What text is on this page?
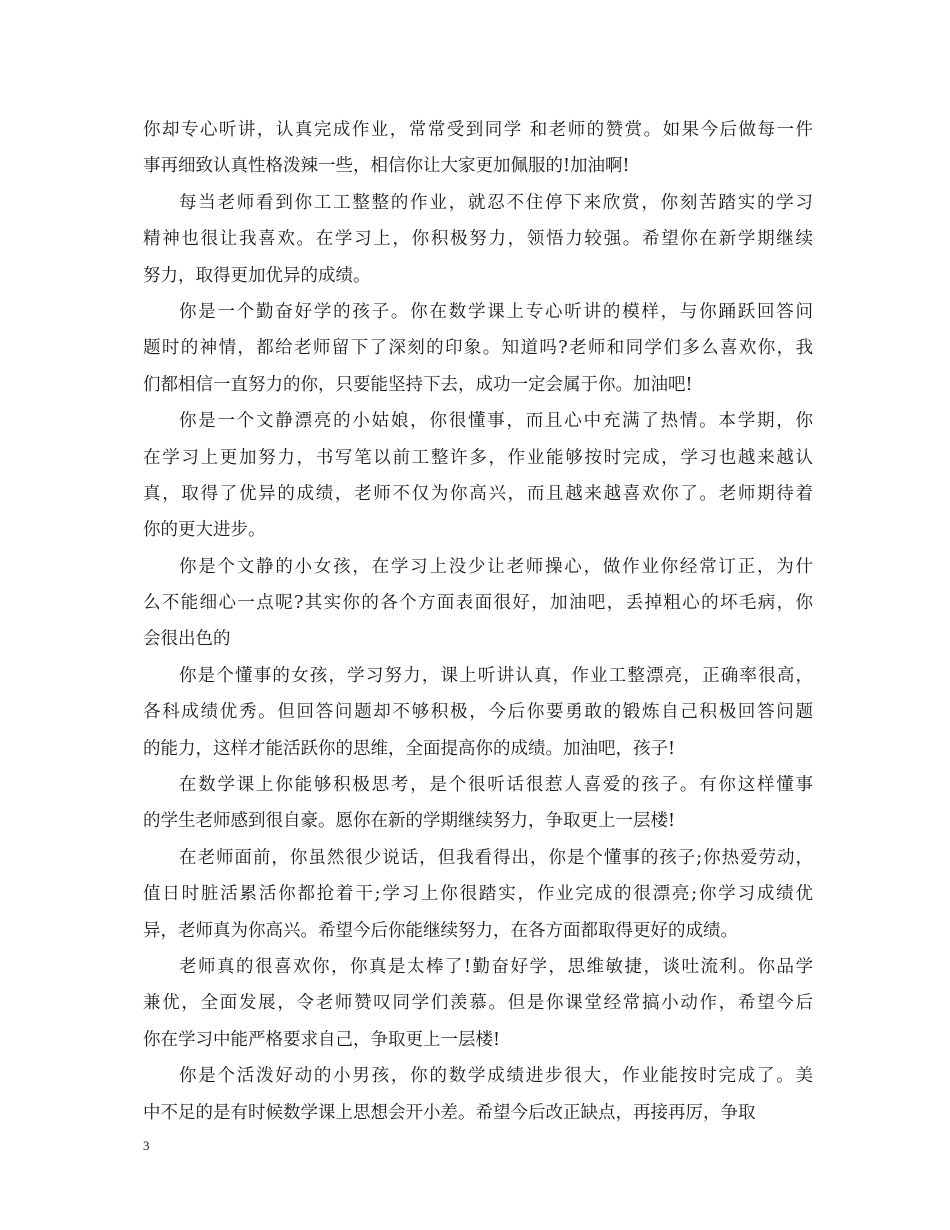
你却专心听讲，认真完成作业，常常受到同学 和老师的赞赏。如果今后做每一件
事再细致认真性格泼辣一些，相信你让大家更加佩服的!加油啊!
每当老师看到你工工整整的作业，就忍不住停下来欣赏，你刻苦踏实的学习
精神也很让我喜欢。在学习上，你积极努力，领悟力较强。希望你在新学期继续
努力，取得更加优异的成绩。
你是一个勤奋好学的孩子。你在数学课上专心听讲的模样，与你踊跃回答问
题时的神情，都给老师留下了深刻的印象。知道吗?老师和同学们多么喜欢你，我
们都相信一直努力的你，只要能坚持下去，成功一定会属于你。加油吧!
你是一个文静漂亮的小姑娘，你很懂事，而且心中充满了热情。本学期，你
在学习上更加努力，书写笔以前工整许多，作业能够按时完成，学习也越来越认
真，取得了优异的成绩，老师不仅为你高兴，而且越来越喜欢你了。老师期待着
你的更大进步。
你是个文静的小女孩，在学习上没少让老师操心，做作业你经常订正，为什
么不能细心一点呢?其实你的各个方面表面很好，加油吧，丢掉粗心的坏毛病，你
会很出色的
你是个懂事的女孩，学习努力，课上听讲认真，作业工整漂亮，正确率很高，
各科成绩优秀。但回答问题却不够积极，今后你要勇敢的锻炼自己积极回答问题
的能力，这样才能活跃你的思维，全面提高你的成绩。加油吧，孩子!
在数学课上你能够积极思考，是个很听话很惹人喜爱的孩子。有你这样懂事
的学生老师感到很自豪。愿你在新的学期继续努力，争取更上一层楼!
在老师面前，你虽然很少说话，但我看得出，你是个懂事的孩子;你热爱劳动，
值日时脏活累活你都抢着干;学习上你很踏实，作业完成的很漂亮;你学习成绩优
异，老师真为你高兴。希望今后你能继续努力，在各方面都取得更好的成绩。
老师真的很喜欢你，你真是太棒了!勤奋好学，思维敏捷，谈吐流利。你品学
兼优，全面发展，令老师赞叹同学们羡慕。但是你课堂经常搞小动作，希望今后
你在学习中能严格要求自己，争取更上一层楼!
你是个活泼好动的小男孩，你的数学成绩进步很大，作业能按时完成了。美
中不足的是有时候数学课上思想会开小差。希望今后改正缺点，再接再厉，争取
3
